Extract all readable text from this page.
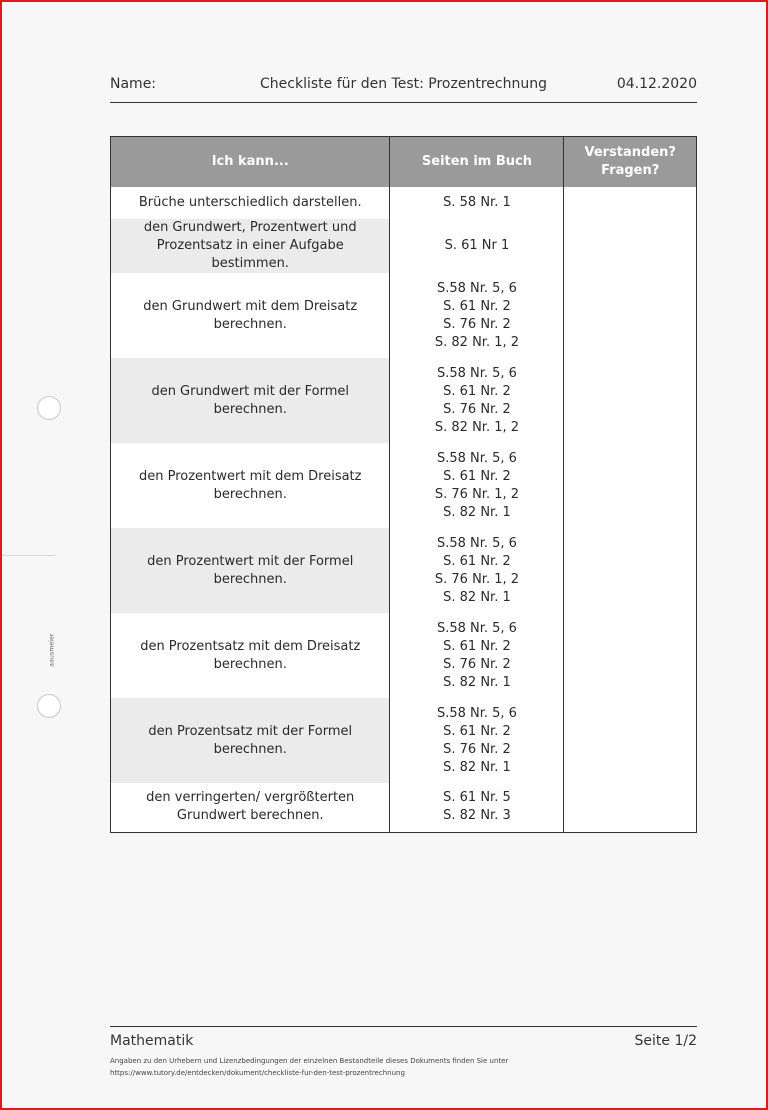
Name:	Checkliste für den Test: Prozentrechnung	04.12.2020
aausmeier
Ich kann...	Seiten im Buch	Verstanden? Fragen?
Brüche unterschiedlich darstellen.	S. 58 Nr. 1	

den Grundwert, Prozentwert und Prozentsatz in einer Aufgabe bestimmen.	S. 61 Nr 1	

den Grundwert mit dem Dreisatz berechnen.	S.58 Nr. 5, 6
S. 61 Nr. 2
S. 76 Nr. 2
S. 82 Nr. 1, 2	

den Grundwert mit der Formel berechnen.	S.58 Nr. 5, 6
S. 61 Nr. 2
S. 76 Nr. 2
S. 82 Nr. 1, 2	

den Prozentwert mit dem Dreisatz berechnen.	S.58 Nr. 5, 6
S. 61 Nr. 2
S. 76 Nr. 1, 2
S. 82 Nr. 1	

den Prozentwert mit der Formel berechnen.	S.58 Nr. 5, 6
S. 61 Nr. 2
S. 76 Nr. 1, 2
S. 82 Nr. 1	

den Prozentsatz mit dem Dreisatz berechnen.	S.58 Nr. 5, 6
S. 61 Nr. 2
S. 76 Nr. 2
S. 82 Nr. 1	

den Prozentsatz mit der Formel berechnen.	S.58 Nr. 5, 6
S. 61 Nr. 2
S. 76 Nr. 2
S. 82 Nr. 1	

den verringerten/ vergrößterten Grundwert berechnen.	S. 61 Nr. 5
S. 82 Nr. 3	

Mathematik	Seite 1/2
Angaben zu den Urhebern und Lizenzbedingungen der einzelnen Bestandteile dieses Dokuments finden Sie unter
https://www.tutory.de/entdecken/dokument/checkliste-fur-den-test-prozentrechnung
